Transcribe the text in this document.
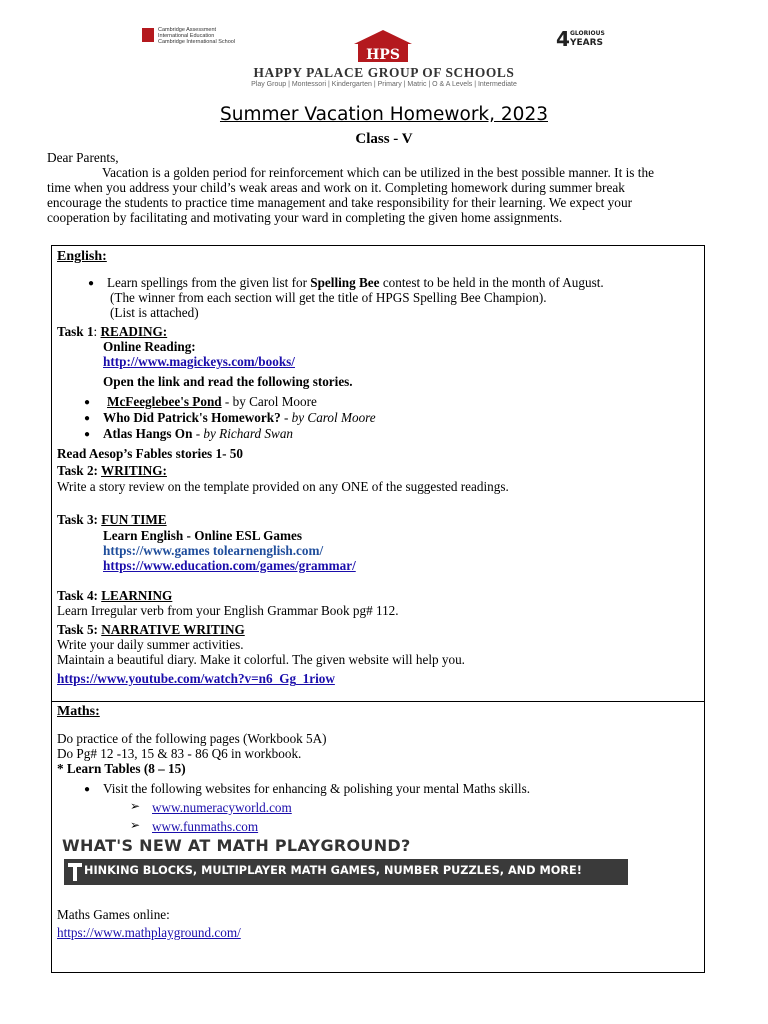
Cambridge Assessment
International Education
Cambridge International School
HPS
4 GLORIOUS
YEARS
HAPPY PALACE GROUP OF SCHOOLS
Play Group | Montessori | Kindergarten | Primary | Matric | O & A Levels | Intermediate
Summer Vacation Homework, 2023
Class - V
Dear Parents,
Vacation is a golden period for reinforcement which can be utilized in the best possible manner. It is the
time when you address your child’s weak areas and work on it. Completing homework during summer break
encourage the students to practice time management and take responsibility for their learning. We expect your
cooperation by facilitating and motivating your ward in completing the given home assignments.
English:
● Learn spellings from the given list for Spelling Bee contest to be held in the month of August.
(The winner from each section will get the title of HPGS Spelling Bee Champion).
(List is attached)
Task 1: READING:
Online Reading:
http://www.magickeys.com/books/
Open the link and read the following stories.
● McFeeglebee's Pond - by Carol Moore
● Who Did Patrick's Homework? - by Carol Moore
● Atlas Hangs On - by Richard Swan
Read Aesop’s Fables stories 1- 50
Task 2: WRITING:
Write a story review on the template provided on any ONE of the suggested readings.
Task 3: FUN TIME
Learn English - Online ESL Games
https://www.games tolearnenglish.com/
https://www.education.com/games/grammar/
Task 4: LEARNING
Learn Irregular verb from your English Grammar Book pg# 112.
Task 5: NARRATIVE WRITING
Write your daily summer activities.
Maintain a beautiful diary. Make it colorful. The given website will help you.
https://www.youtube.com/watch?v=n6_Gg_1riow
Maths:
Do practice of the following pages (Workbook 5A)
Do Pg# 12 -13, 15 & 83 - 86 Q6 in workbook.
* Learn Tables (8 – 15)
● Visit the following websites for enhancing & polishing your mental Maths skills.
➢ www.numeracyworld.com
➢ www.funmaths.com
WHAT'S NEW AT MATH PLAYGROUND?
HINKING BLOCKS, MULTIPLAYER MATH GAMES, NUMBER PUZZLES, AND MORE!
Maths Games online:
https://www.mathplayground.com/
